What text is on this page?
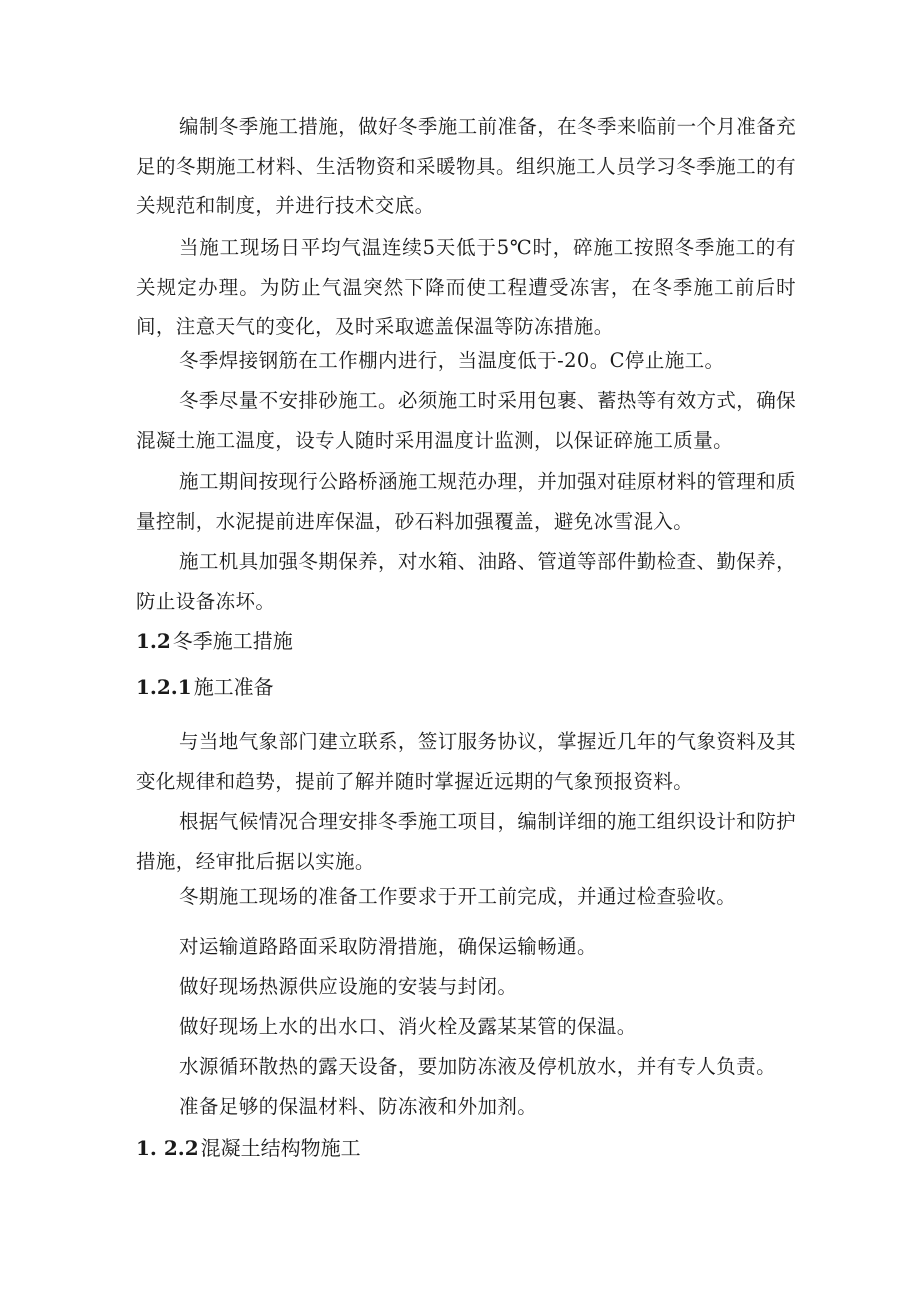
编制冬季施工措施，做好冬季施工前准备，在冬季来临前一个月准备充足的冬期施工材料、生活物资和采暖物具。组织施工人员学习冬季施工的有关规范和制度，并进行技术交底。

当施工现场日平均气温连续5天低于5℃时，碎施工按照冬季施工的有关规定办理。为防止气温突然下降而使工程遭受冻害，在冬季施工前后时间，注意天气的变化，及时采取遮盖保温等防冻措施。

冬季焊接钢筋在工作棚内进行，当温度低于-20。C停止施工。

冬季尽量不安排砂施工。必须施工时采用包裹、蓄热等有效方式，确保混凝土施工温度，设专人随时采用温度计监测，以保证碎施工质量。

施工期间按现行公路桥涵施工规范办理，并加强对硅原材料的管理和质量控制，水泥提前进库保温，砂石料加强覆盖，避免冰雪混入。

施工机具加强冬期保养，对水箱、油路、管道等部件勤检查、勤保养，防止设备冻坏。

1.2 冬季施工措施
1.2.1 施工准备

与当地气象部门建立联系，签订服务协议，掌握近几年的气象资料及其变化规律和趋势，提前了解并随时掌握近远期的气象预报资料。

根据气候情况合理安排冬季施工项目，编制详细的施工组织设计和防护措施，经审批后据以实施。

冬期施工现场的准备工作要求于开工前完成，并通过检查验收。

对运输道路路面采取防滑措施，确保运输畅通。

做好现场热源供应设施的安装与封闭。

做好现场上水的出水口、消火栓及露某某管的保温。

水源循环散热的露天设备，要加防冻液及停机放水，并有专人负责。

准备足够的保温材料、防冻液和外加剂。

1. 2.2 混凝土结构物施工
